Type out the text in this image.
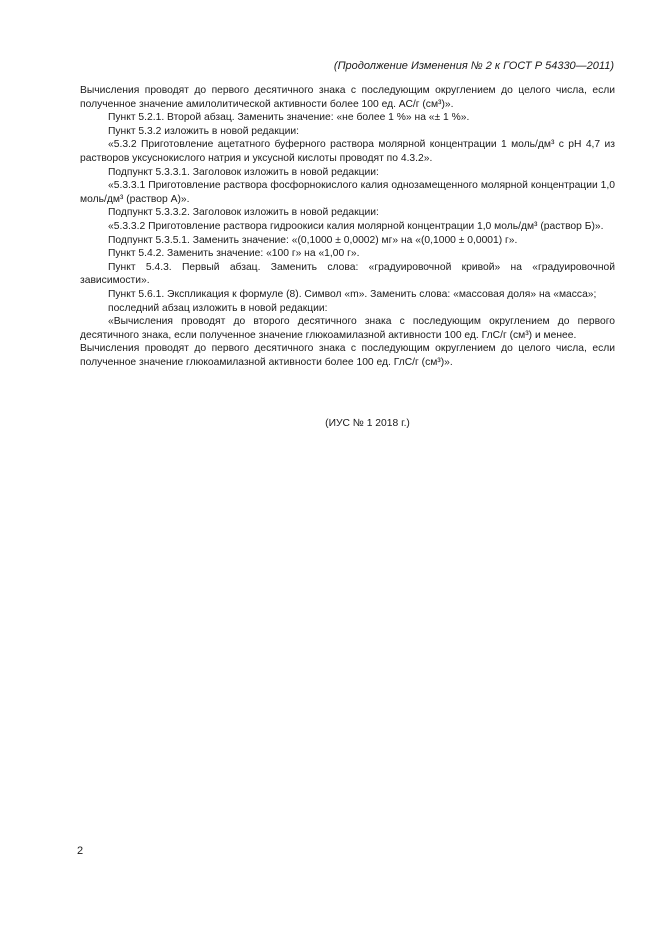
(Продолжение Изменения № 2 к ГОСТ Р 54330—2011)

Вычисления проводят до первого десятичного знака с последующим округлением до целого числа, если полученное значение амилолитической активности более 100 ед. АС/г (см³)».

Пункт 5.2.1. Второй абзац. Заменить значение: «не более 1 %» на «± 1 %».

Пункт 5.3.2 изложить в новой редакции:

«5.3.2 Приготовление ацетатного буферного раствора молярной концентрации 1 моль/дм³ с pH 4,7 из растворов уксуснокислого натрия и уксусной кислоты проводят по 4.3.2».

Подпункт 5.3.3.1. Заголовок изложить в новой редакции:

«5.3.3.1 Приготовление раствора фосфорнокислого калия однозамещенного молярной концентрации 1,0 моль/дм³ (раствор А)».

Подпункт 5.3.3.2. Заголовок изложить в новой редакции:

«5.3.3.2 Приготовление раствора гидроокиси калия молярной концентрации 1,0 моль/дм³ (раствор Б)».

Подпункт 5.3.5.1. Заменить значение: «(0,1000 ± 0,0002) мг» на «(0,1000 ± 0,0001) г».

Пункт 5.4.2. Заменить значение: «100 г» на «1,00 г».

Пункт 5.4.3. Первый абзац. Заменить слова: «градуировочной кривой» на «градуировочной зависимости».

Пункт 5.6.1. Экспликация к формуле (8). Символ «m». Заменить слова: «массовая доля» на «масса»;

последний абзац изложить в новой редакции:

«Вычисления проводят до второго десятичного знака с последующим округлением до первого десятичного знака, если полученное значение глюкоамилазной активности 100 ед. ГлС/г (см³) и менее.

Вычисления проводят до первого десятичного знака с последующим округлением до целого числа, если полученное значение глюкоамилазной активности более 100 ед. ГлС/г (см³)».

(ИУС № 1 2018 г.)
2
